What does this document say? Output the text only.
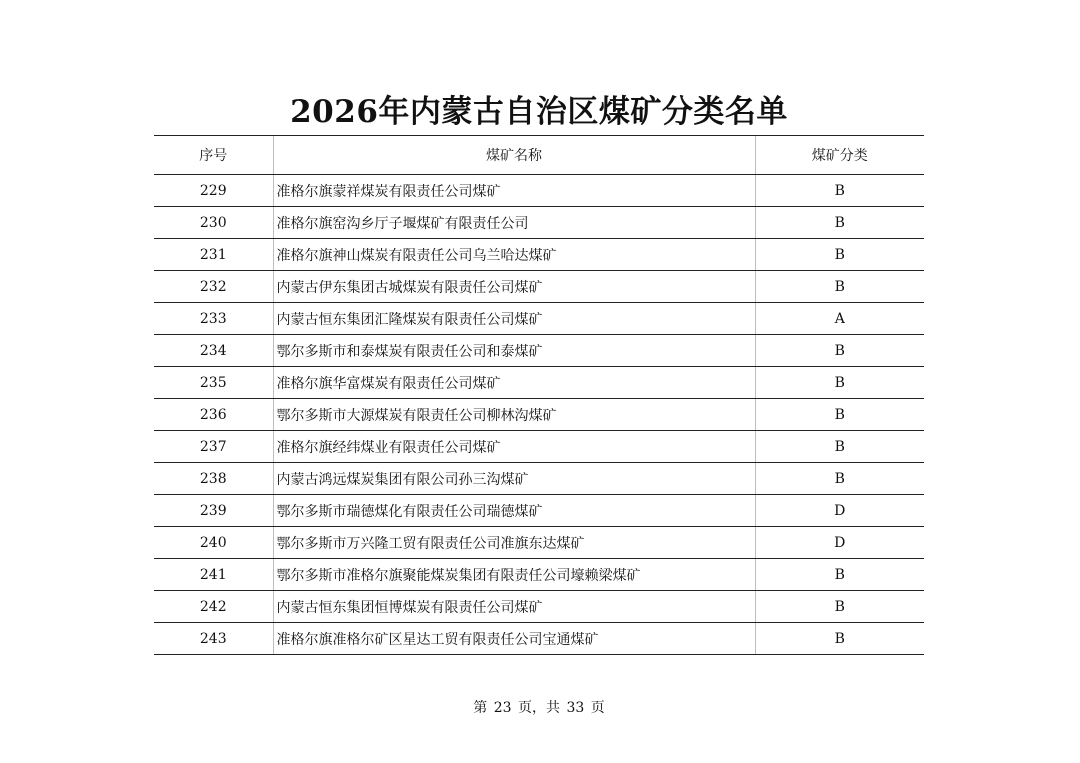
2026年内蒙古自治区煤矿分类名单
序号	煤矿名称	煤矿分类
229	准格尔旗蒙祥煤炭有限责任公司煤矿	B
230	准格尔旗窑沟乡厅子堰煤矿有限责任公司	B
231	准格尔旗神山煤炭有限责任公司乌兰哈达煤矿	B
232	内蒙古伊东集团古城煤炭有限责任公司煤矿	B
233	内蒙古恒东集团汇隆煤炭有限责任公司煤矿	A
234	鄂尔多斯市和泰煤炭有限责任公司和泰煤矿	B
235	准格尔旗华富煤炭有限责任公司煤矿	B
236	鄂尔多斯市大源煤炭有限责任公司柳林沟煤矿	B
237	准格尔旗经纬煤业有限责任公司煤矿	B
238	内蒙古鸿远煤炭集团有限公司孙三沟煤矿	B
239	鄂尔多斯市瑞德煤化有限责任公司瑞德煤矿	D
240	鄂尔多斯市万兴隆工贸有限责任公司准旗东达煤矿	D
241	鄂尔多斯市准格尔旗聚能煤炭集团有限责任公司壕赖梁煤矿	B
242	内蒙古恒东集团恒博煤炭有限责任公司煤矿	B
243	准格尔旗准格尔矿区星达工贸有限责任公司宝通煤矿	B
第 23 页，共 33 页
